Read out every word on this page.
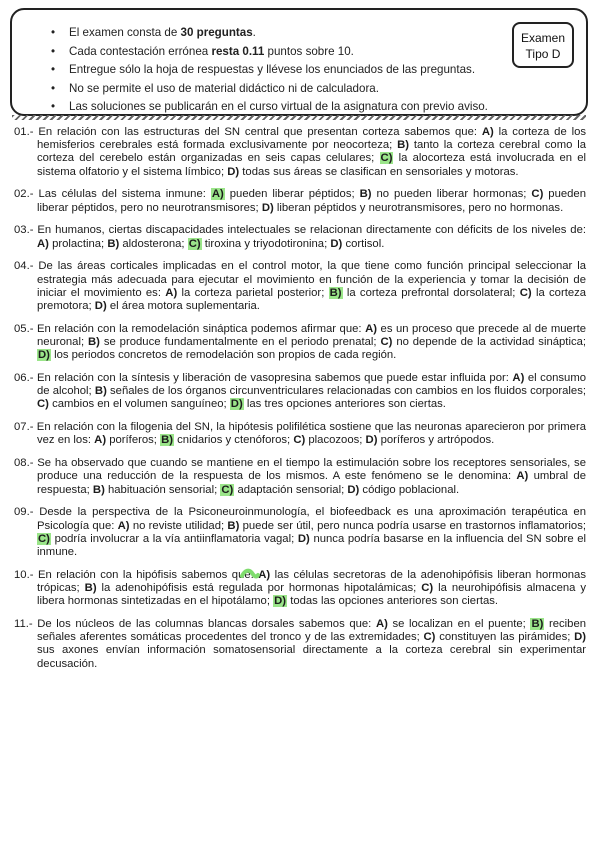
• El examen consta de 30 preguntas.
• Cada contestación errónea resta 0.11 puntos sobre 10.
• Entregue sólo la hoja de respuestas y llévese los enunciados de las preguntas.
• No se permite el uso de material didáctico ni de calculadora.
• Las soluciones se publicarán en el curso virtual de la asignatura con previo aviso.
Examen
Tipo D

01.- En relación con las estructuras del SN central que presentan corteza sabemos que: A) la corteza de los hemisferios cerebrales está formada exclusivamente por neocorteza; B) tanto la corteza cerebral como la corteza del cerebelo están organizadas en seis capas celulares; C) la alocorteza está involucrada en el sistema olfatorio y el sistema límbico; D) todas sus áreas se clasifican en sensoriales y motoras.

02.- Las células del sistema inmune: A) pueden liberar péptidos; B) no pueden liberar hormonas; C) pueden liberar péptidos, pero no neurotransmisores; D) liberan péptidos y neurotransmisores, pero no hormonas.

03.- En humanos, ciertas discapacidades intelectuales se relacionan directamente con déficits de los niveles de: A) prolactina; B) aldosterona; C) tiroxina y triyodotironina; D) cortisol.

04.- De las áreas corticales implicadas en el control motor, la que tiene como función principal seleccionar la estrategia más adecuada para ejecutar el movimiento en función de la experiencia y tomar la decisión de iniciar el movimiento es: A) la corteza parietal posterior; B) la corteza prefrontal dorsolateral; C) la corteza premotora; D) el área motora suplementaria.

05.- En relación con la remodelación sináptica podemos afirmar que: A) es un proceso que precede al de muerte neuronal; B) se produce fundamentalmente en el periodo prenatal; C) no depende de la actividad sináptica; D) los periodos concretos de remodelación son propios de cada región.

06.- En relación con la síntesis y liberación de vasopresina sabemos que puede estar influida por: A) el consumo de alcohol; B) señales de los órganos circunventriculares relacionadas con cambios en los fluidos corporales; C) cambios en el volumen sanguíneo; D) las tres opciones anteriores son ciertas.

07.- En relación con la filogenia del SN, la hipótesis polifilética sostiene que las neuronas aparecieron por primera vez en los: A) poríferos; B) cnidarios y ctenóforos; C) placozoos; D) poríferos y artrópodos.

08.- Se ha observado que cuando se mantiene en el tiempo la estimulación sobre los receptores sensoriales, se produce una reducción de la respuesta de los mismos. A este fenómeno se le denomina: A) umbral de respuesta; B) habituación sensorial; C) adaptación sensorial; D) código poblacional.

09.- Desde la perspectiva de la Psiconeuroinmunología, el biofeedback es una aproximación terapéutica en Psicología que: A) no reviste utilidad; B) puede ser útil, pero nunca podría usarse en trastornos inflamatorios; C) podría involucrar a la vía antiinflamatoria vagal; D) nunca podría basarse en la influencia del SN sobre el inmune.

10.- En relación con la hipófisis sabemos que: A) las células secretoras de la adenohipófisis liberan hormonas trópicas; B) la adenohipófisis está regulada por hormonas hipotalámicas; C) la neurohipófisis almacena y libera hormonas sintetizadas en el hipotálamo; D) todas las opciones anteriores son ciertas.

11.- De los núcleos de las columnas blancas dorsales sabemos que: A) se localizan en el puente; B) reciben señales aferentes somáticas procedentes del tronco y de las extremidades; C) constituyen las pirámides; D) sus axones envían información somatosensorial directamente a la corteza cerebral sin experimentar decusación.
